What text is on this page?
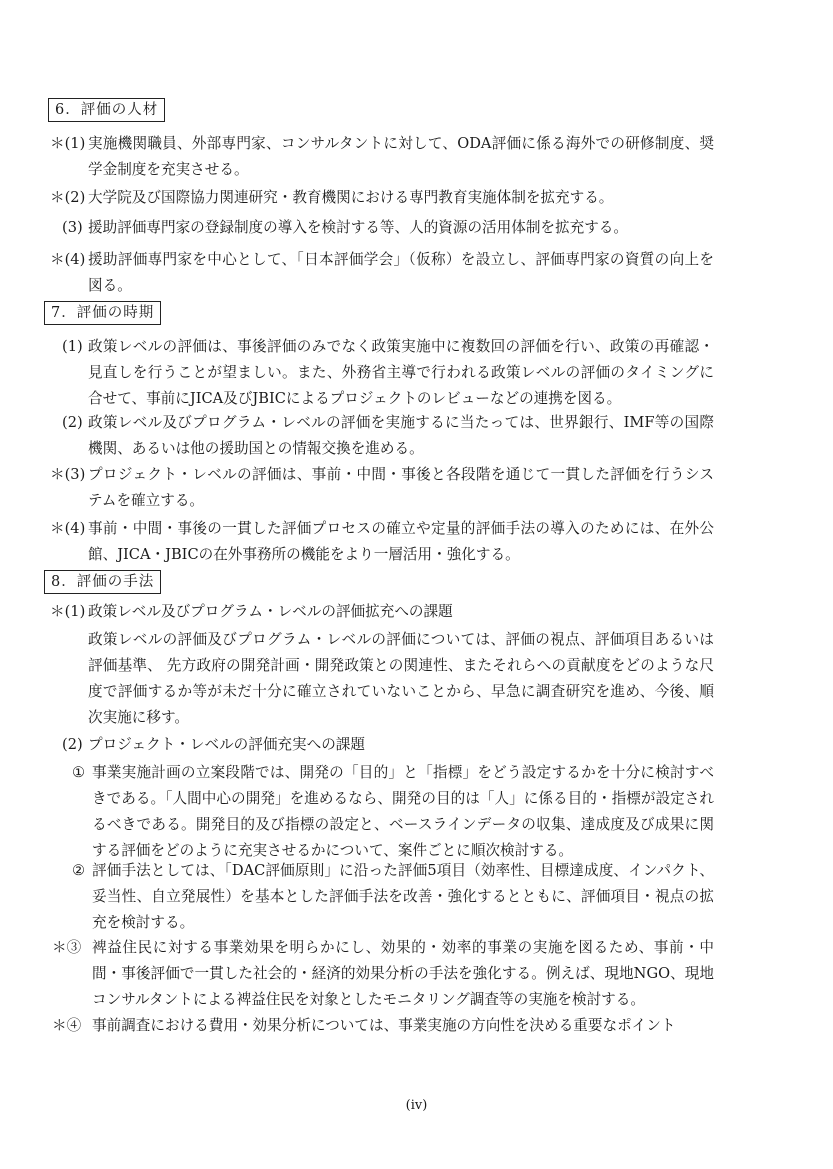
6．評価の人材
＊(1) 実施機関職員、外部専門家、コンサルタントに対して、ODA評価に係る海外での研修制度、奨学金制度を充実させる。
＊(2) 大学院及び国際協力関連研究・教育機関における専門教育実施体制を拡充する。
(3) 援助評価専門家の登録制度の導入を検討する等、人的資源の活用体制を拡充する。
＊(4) 援助評価専門家を中心として、「日本評価学会」（仮称）を設立し、評価専門家の資質の向上を図る。
7．評価の時期
(1) 政策レベルの評価は、事後評価のみでなく政策実施中に複数回の評価を行い、政策の再確認・見直しを行うことが望ましい。また、外務省主導で行われる政策レベルの評価のタイミングに合せて、事前にJICA及びJBICによるプロジェクトのレビューなどの連携を図る。
(2) 政策レベル及びプログラム・レベルの評価を実施するに当たっては、世界銀行、IMF等の国際機関、あるいは他の援助国との情報交換を進める。
＊(3) プロジェクト・レベルの評価は、事前・中間・事後と各段階を通じて一貫した評価を行うシステムを確立する。
＊(4) 事前・中間・事後の一貫した評価プロセスの確立や定量的評価手法の導入のためには、在外公館、JICA・JBICの在外事務所の機能をより一層活用・強化する。
8．評価の手法
＊(1) 政策レベル及びプログラム・レベルの評価拡充への課題
政策レベルの評価及びプログラム・レベルの評価については、評価の視点、評価項目あるいは評価基準、 先方政府の開発計画・開発政策との関連性、またそれらへの貢献度をどのような尺度で評価するか等が未だ十分に確立されていないことから、早急に調査研究を進め、今後、順次実施に移す。
(2) プロジェクト・レベルの評価充実への課題
① 事業実施計画の立案段階では、開発の「目的」と「指標」をどう設定するかを十分に検討すべきである。「人間中心の開発」を進めるなら、開発の目的は「人」に係る目的・指標が設定されるべきである。開発目的及び指標の設定と、ベースラインデータの収集、達成度及び成果に関する評価をどのように充実させるかについて、案件ごとに順次検討する。
② 評価手法としては、「DAC評価原則」に沿った評価5項目（効率性、目標達成度、インパクト、妥当性、自立発展性）を基本とした評価手法を改善・強化するとともに、評価項目・視点の拡充を検討する。
＊③ 裨益住民に対する事業効果を明らかにし、効果的・効率的事業の実施を図るため、事前・中間・事後評価で一貫した社会的・経済的効果分析の手法を強化する。例えば、現地NGO、現地コンサルタントによる裨益住民を対象としたモニタリング調査等の実施を検討する。
＊④ 事前調査における費用・効果分析については、事業実施の方向性を決める重要なポイント
(iv)
